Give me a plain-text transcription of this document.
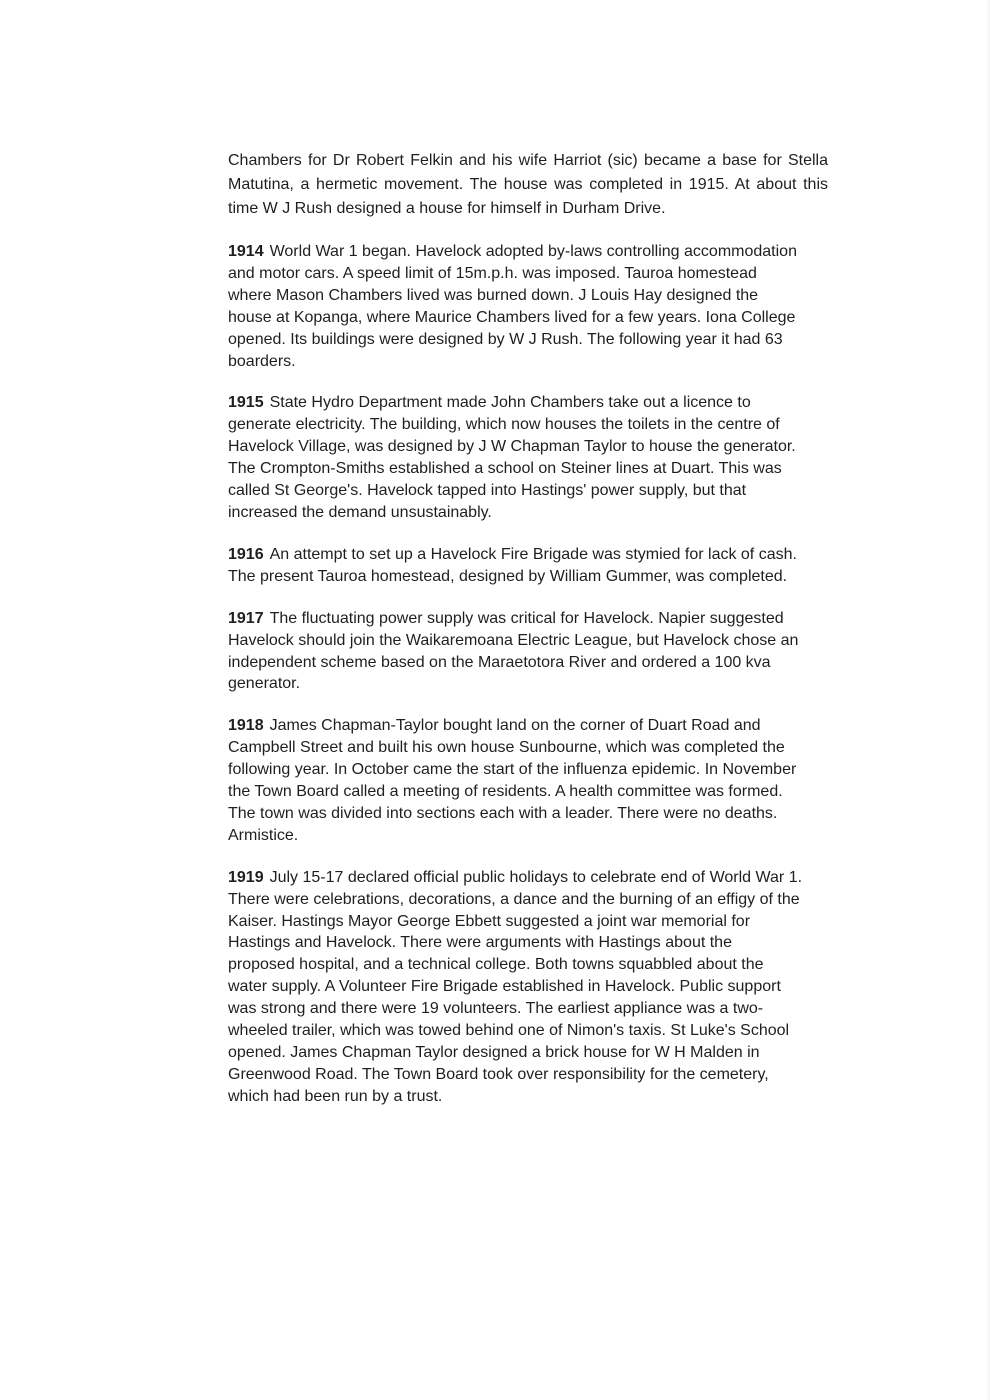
Chambers for Dr Robert Felkin and his wife Harriot (sic) became a base for Stella Matutina, a hermetic movement. The house was completed in 1915. At about this time W J Rush designed a house for himself in Durham Drive.

1914 World War 1 began. Havelock adopted by-laws controlling accommodation and motor cars. A speed limit of 15m.p.h. was imposed. Tauroa homestead where Mason Chambers lived was burned down. J Louis Hay designed the house at Kopanga, where Maurice Chambers lived for a few years. Iona College opened. Its buildings were designed by W J Rush. The following year it had 63 boarders.

1915 State Hydro Department made John Chambers take out a licence to generate electricity. The building, which now houses the toilets in the centre of Havelock Village, was designed by J W Chapman Taylor to house the generator. The Crompton-Smiths established a school on Steiner lines at Duart. This was called St George's. Havelock tapped into Hastings' power supply, but that increased the demand unsustainably.

1916 An attempt to set up a Havelock Fire Brigade was stymied for lack of cash. The present Tauroa homestead, designed by William Gummer, was completed.

1917 The fluctuating power supply was critical for Havelock. Napier suggested Havelock should join the Waikaremoana Electric League, but Havelock chose an independent scheme based on the Maraetotora River and ordered a 100 kva generator.

1918 James Chapman-Taylor bought land on the corner of Duart Road and Campbell Street and built his own house Sunbourne, which was completed the following year. In October came the start of the influenza epidemic. In November the Town Board called a meeting of residents. A health committee was formed. The town was divided into sections each with a leader. There were no deaths. Armistice.

1919 July 15-17 declared official public holidays to celebrate end of World War 1. There were celebrations, decorations, a dance and the burning of an effigy of the Kaiser. Hastings Mayor George Ebbett suggested a joint war memorial for Hastings and Havelock. There were arguments with Hastings about the proposed hospital, and a technical college. Both towns squabbled about the water supply. A Volunteer Fire Brigade established in Havelock. Public support was strong and there were 19 volunteers. The earliest appliance was a two-wheeled trailer, which was towed behind one of Nimon's taxis. St Luke's School opened. James Chapman Taylor designed a brick house for W H Malden in Greenwood Road. The Town Board took over responsibility for the cemetery, which had been run by a trust.
